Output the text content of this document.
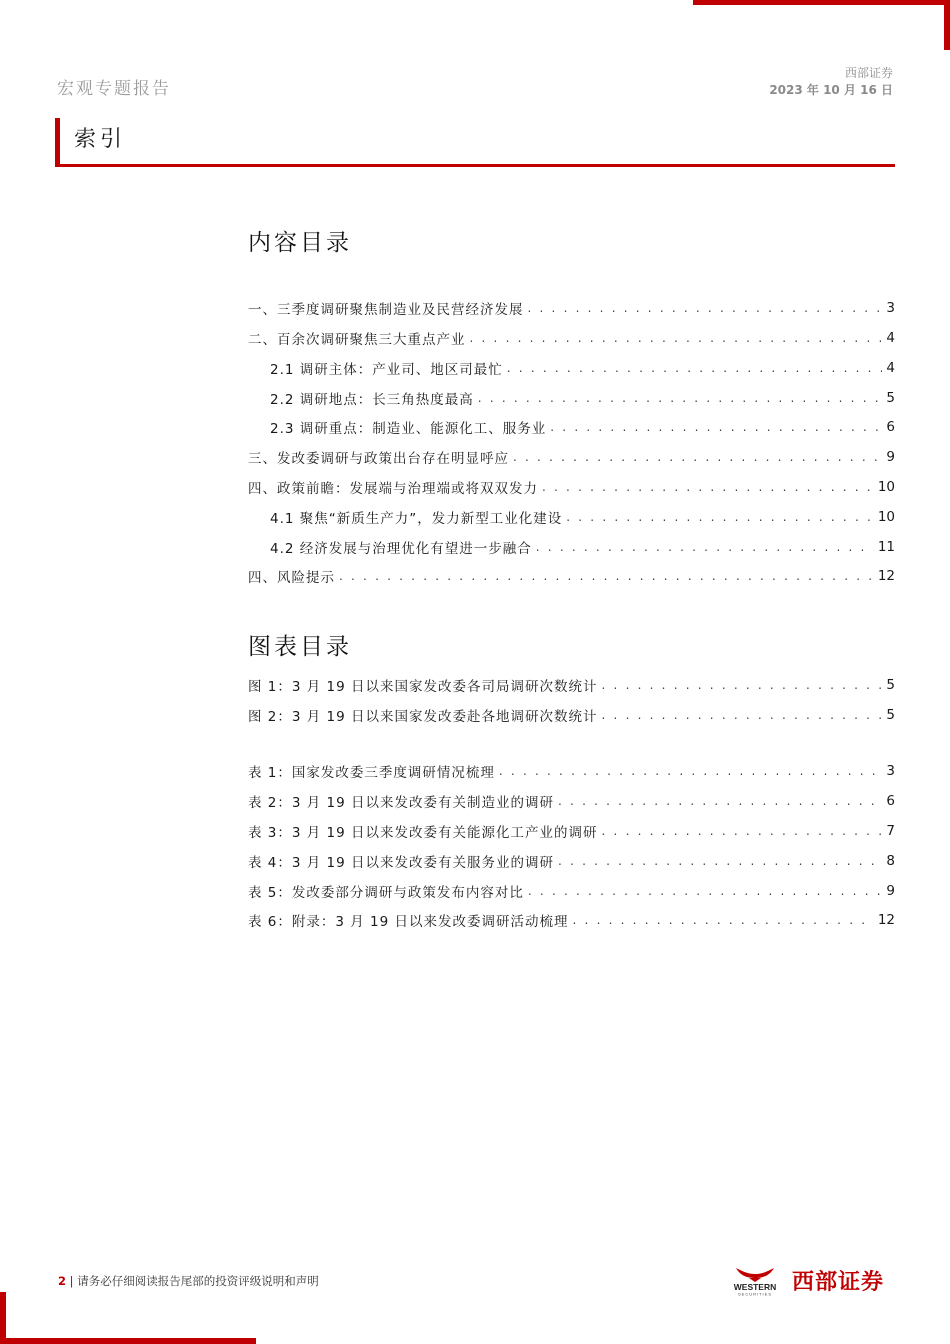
宏观专题报告
西部证券
2023 年 10 月 16 日
索引
内容目录
一、三季度调研聚焦制造业及民营经济发展 . . .	3
二、百余次调研聚焦三大重点产业 . . .	4
2.1 调研主体：产业司、地区司最忙 . . .	4
2.2 调研地点：长三角热度最高 . . .	5
2.3 调研重点：制造业、能源化工、服务业 . . .	6
三、发改委调研与政策出台存在明显呼应 . . .	9
四、政策前瞻：发展端与治理端或将双双发力 . . .	10
4.1 聚焦“新质生产力”，发力新型工业化建设 . . .	10
4.2 经济发展与治理优化有望进一步融合 . . .	11
四、风险提示 . . .	12
图表目录
图 1：3 月 19 日以来国家发改委各司局调研次数统计 . . .	5
图 2：3 月 19 日以来国家发改委赴各地调研次数统计 . . .	5
表 1：国家发改委三季度调研情况梳理 . . .	3
表 2：3 月 19 日以来发改委有关制造业的调研 . . .	6
表 3：3 月 19 日以来发改委有关能源化工产业的调研 . . .	7
表 4：3 月 19 日以来发改委有关服务业的调研 . . .	8
表 5：发改委部分调研与政策发布内容对比 . . .	9
表 6：附录：3 月 19 日以来发改委调研活动梳理 . . .	12
2 | 请务必仔细阅读报告尾部的投资评级说明和声明	WESTERN
SECURITIES 西部证券
